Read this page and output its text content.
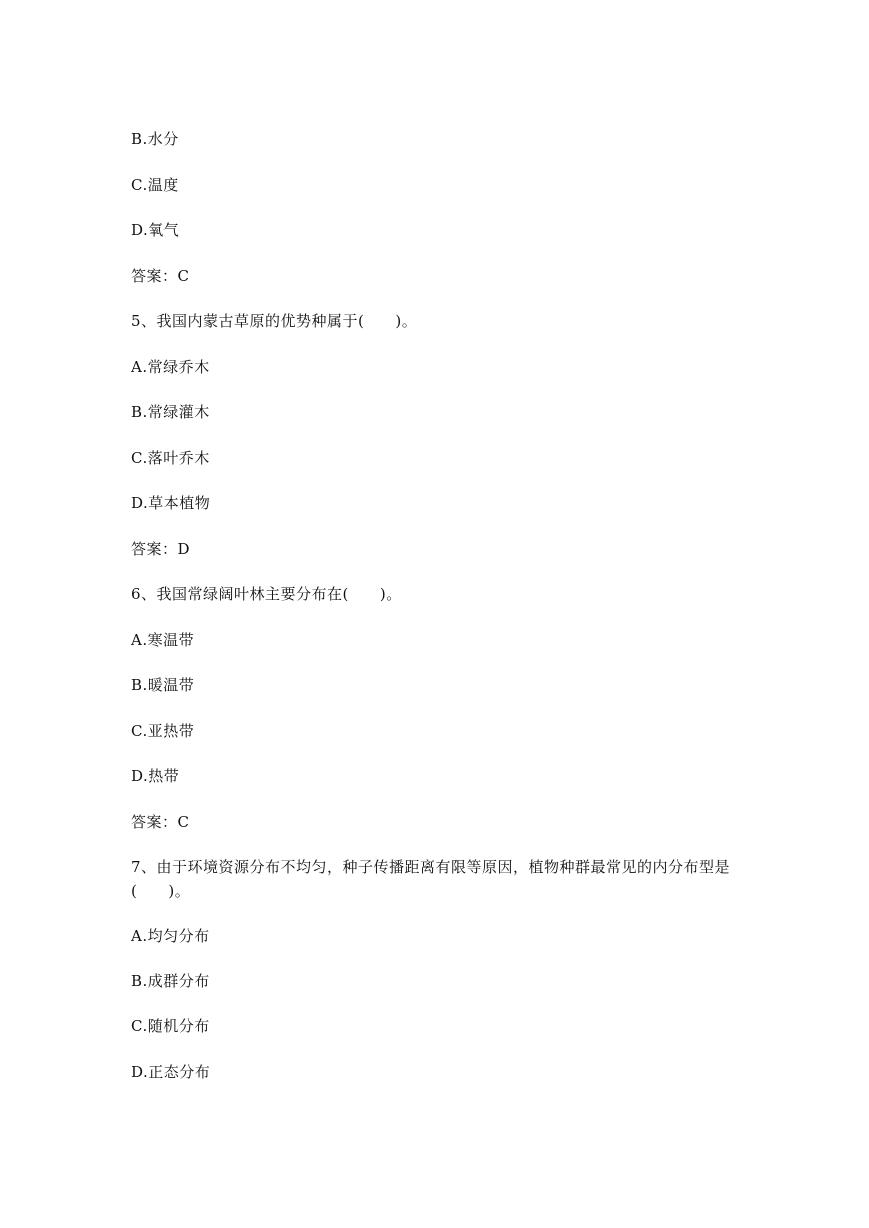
B.水分
C.温度
D.氧气
答案：C
5、我国内蒙古草原的优势种属于(　　)。
A.常绿乔木
B.常绿灌木
C.落叶乔木
D.草本植物
答案：D
6、我国常绿阔叶林主要分布在(　　)。
A.寒温带
B.暖温带
C.亚热带
D.热带
答案：C
7、由于环境资源分布不均匀，种子传播距离有限等原因，植物种群最常见的内分布型是
(　　)。
A.均匀分布
B.成群分布
C.随机分布
D.正态分布
